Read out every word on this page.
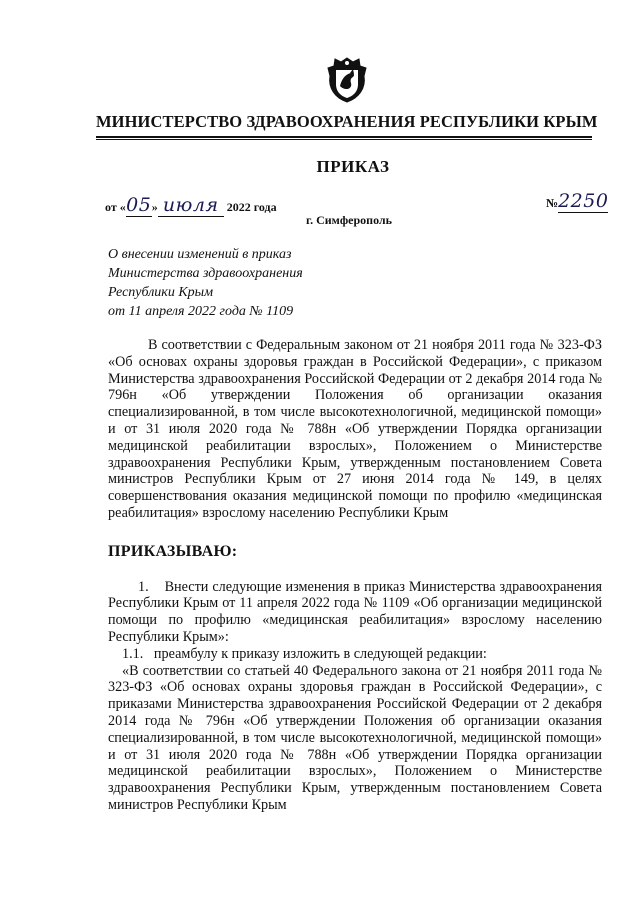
МИНИСТЕРСТВО ЗДРАВООХРАНЕНИЯ РЕСПУБЛИКИ КРЫМ
ПРИКАЗ
от «05» июля 2022 года	№2250
г. Симферополь
О внесении изменений в приказ
Министерства здравоохранения
Республики Крым
от 11 апреля 2022 года № 1109

В соответствии с Федеральным законом от 21 ноября 2011 года № 323-ФЗ «Об основах охраны здоровья граждан в Российской Федерации», с приказом Министерства здравоохранения Российской Федерации от 2 декабря 2014 года № 796н «Об утверждении Положения об организации оказания специализированной, в том числе высокотехнологичной, медицинской помощи» и от 31 июля 2020 года № 788н «Об утверждении Порядка организации медицинской реабилитации взрослых», Положением о Министерстве здравоохранения Республики Крым, утвержденным постановлением Совета министров Республики Крым от 27 июня 2014 года № 149, в целях совершенствования оказания медицинской помощи по профилю «медицинская реабилитация» взрослому населению Республики Крым

ПРИКАЗЫВАЮ:

1.    Внести следующие изменения в приказ Министерства здравоохранения Республики Крым от 11 апреля 2022 года № 1109 «Об организации медицинской помощи по профилю «медицинская реабилитация» взрослому населению Республики Крым»:

1.1.   преамбулу к приказу изложить в следующей редакции:

«В соответствии со статьей 40 Федерального закона от 21 ноября 2011 года № 323-ФЗ «Об основах охраны здоровья граждан в Российской Федерации», с приказами Министерства здравоохранения Российской Федерации от 2 декабря 2014 года № 796н «Об утверждении Положения об организации оказания специализированной, в том числе высокотехнологичной, медицинской помощи» и от 31 июля 2020 года № 788н «Об утверждении Порядка организации медицинской реабилитации взрослых», Положением о Министерстве здравоохранения Республики Крым, утвержденным постановлением Совета министров Республики Крым
